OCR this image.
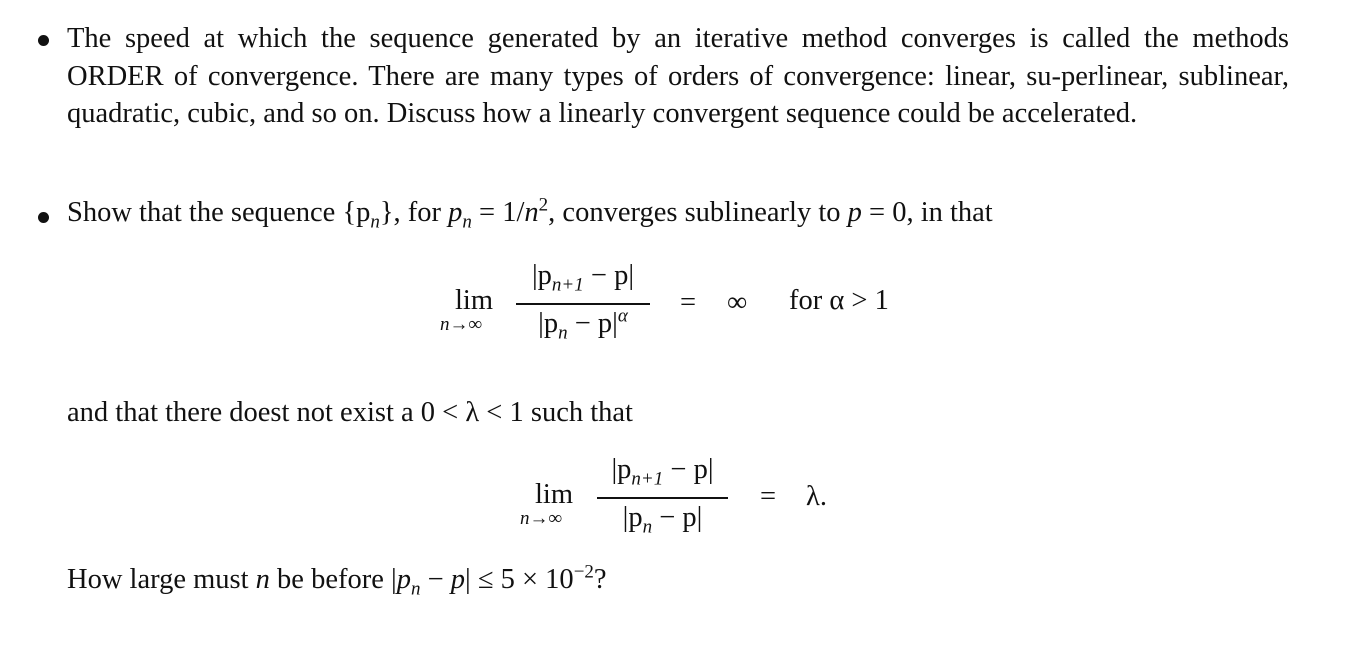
The speed at which the sequence generated by an iterative method converges is called the methods ORDER of convergence. There are many types of orders of convergence: linear, su-perlinear, sublinear, quadratic, cubic, and so on. Discuss how a linearly convergent sequence could be accelerated.
Show that the sequence $\{p_n\}$, for $p_n = 1/n^2$, converges sublinearly to p = 0, in that
lim
n→∞
$|p_{n+1} - p|$
$|p_n - p|^\alpha$	= ∞ for α > 1
and that there doest not exist a 0 < λ < 1 such that
lim
n→∞
$|p_{n+1} - p|$
$|p_n - p|$
= λ.
How large must n be before $|p_n - p| \le 5 \times 10^{-2}$?
